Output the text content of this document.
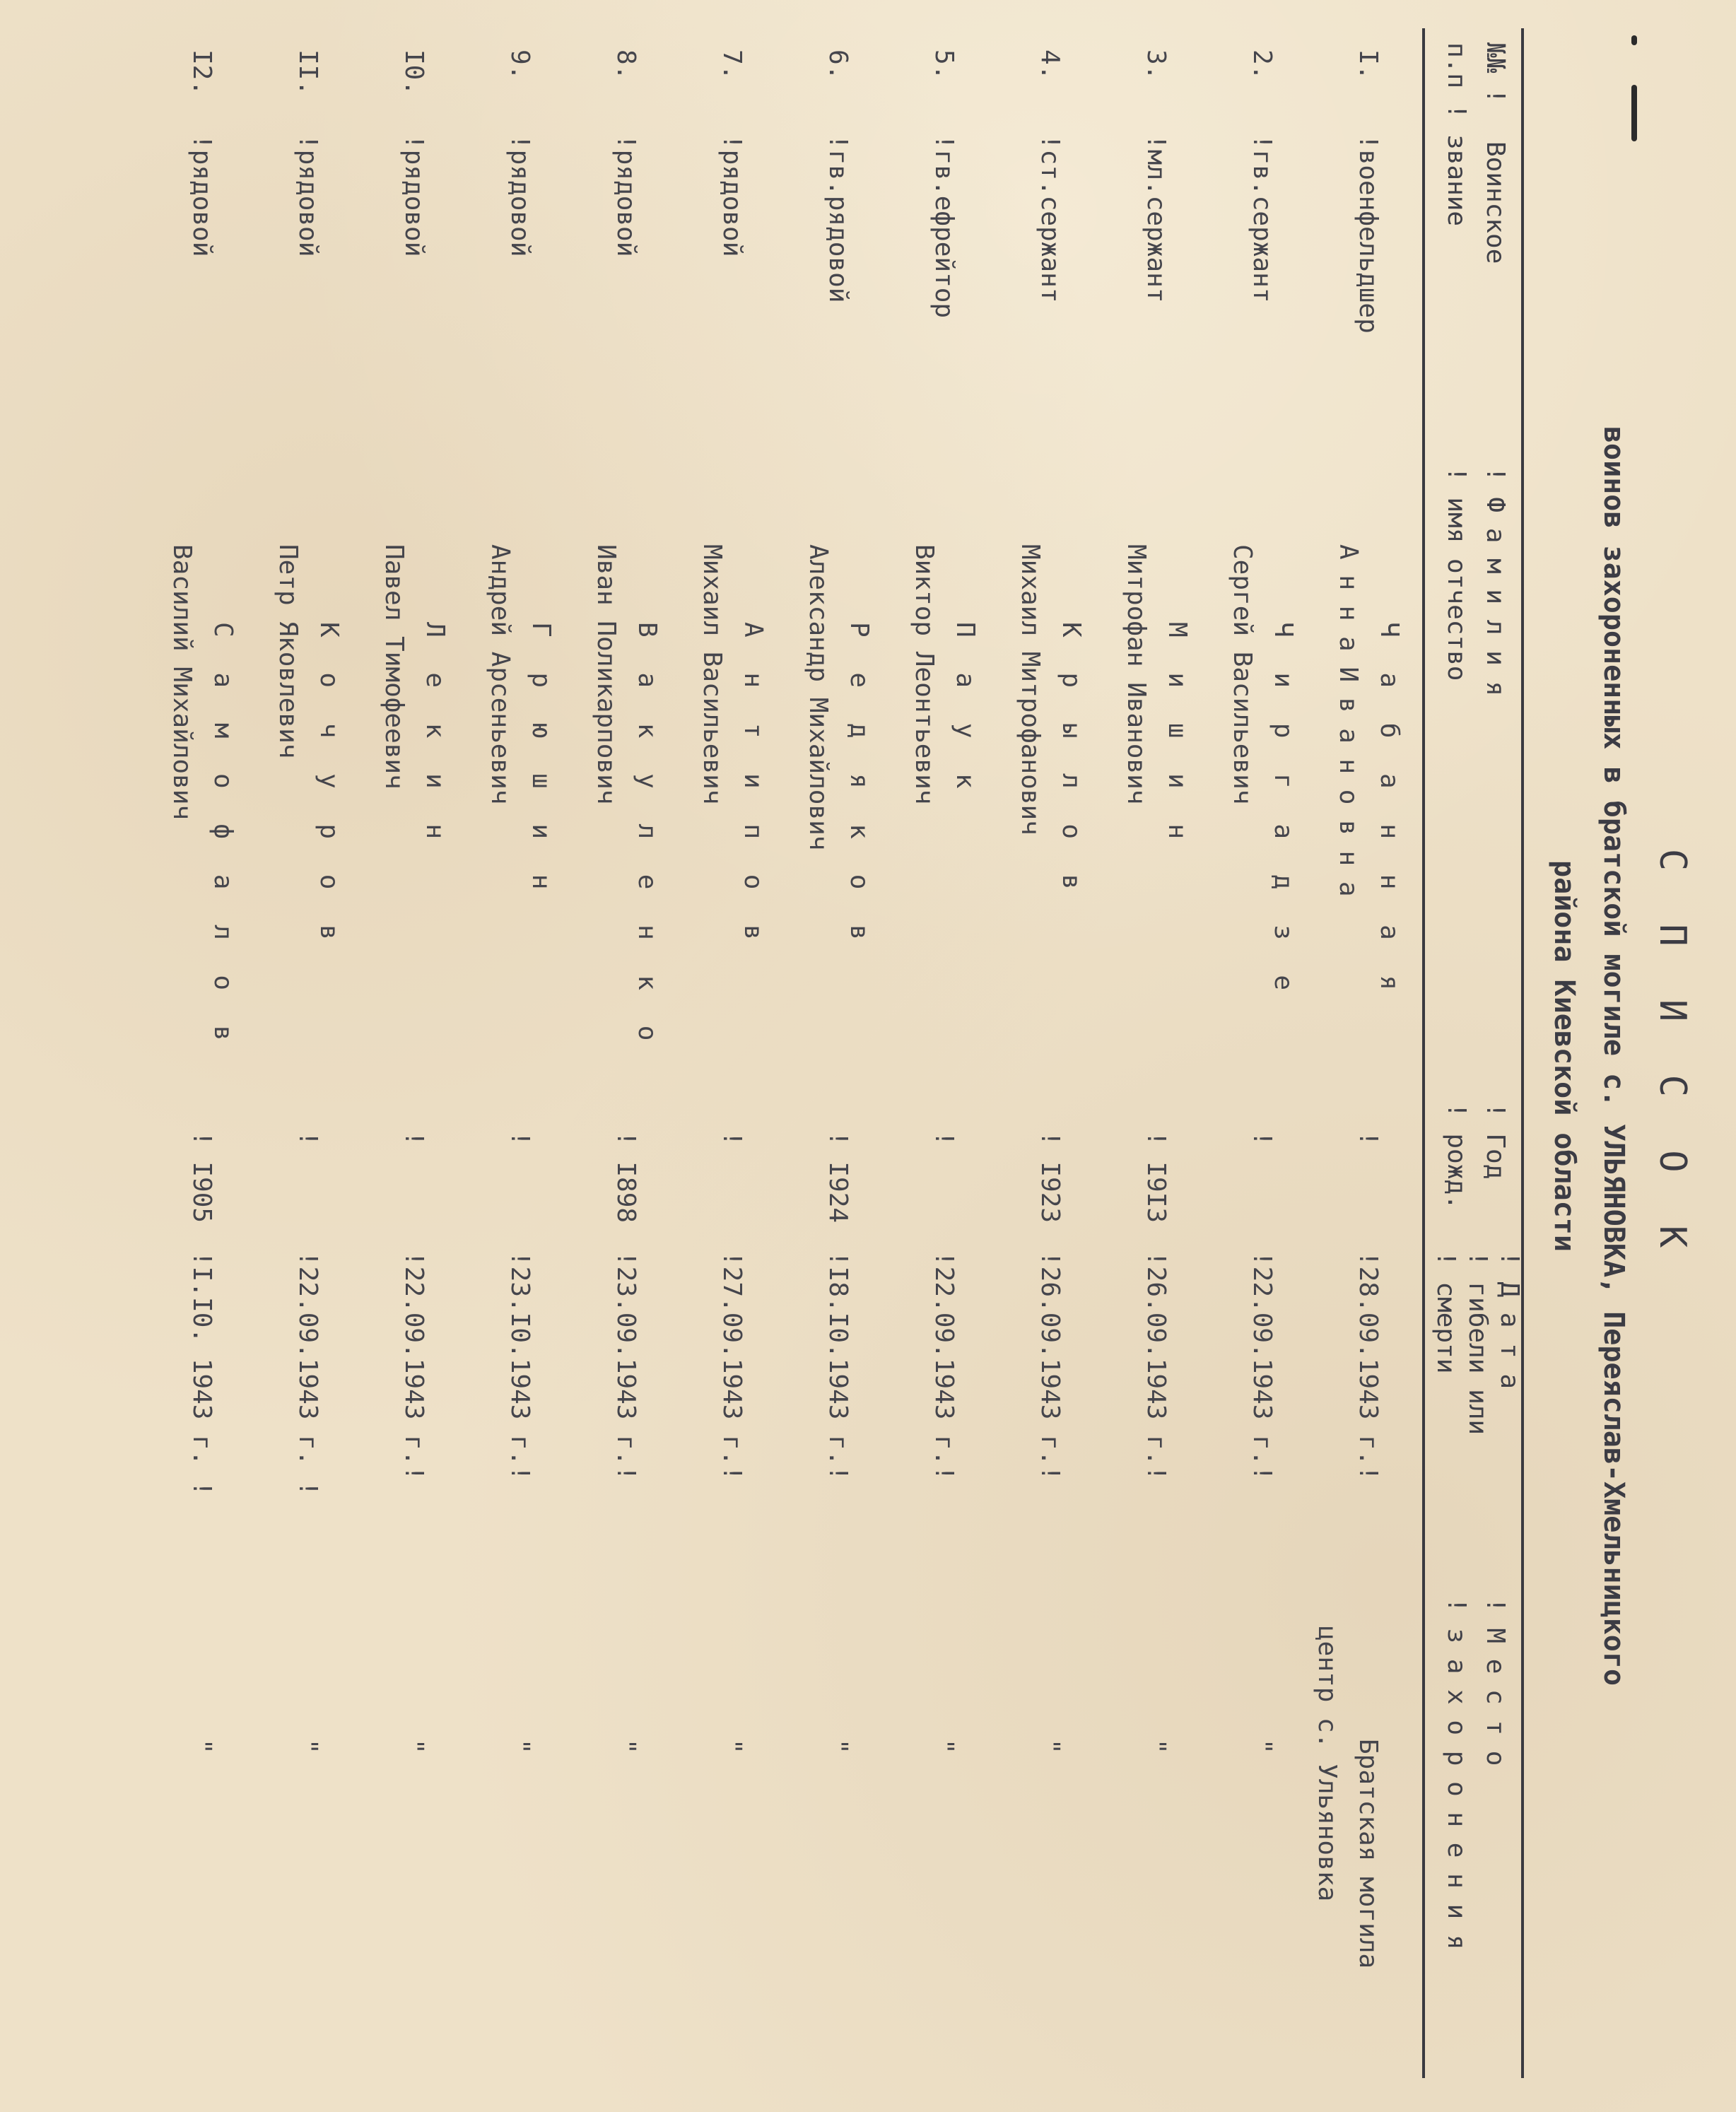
С П И С О К
воинов захороненных в братской могиле с. УЛЬЯНОВКА, Переяслав-Хмельницкого
района Киевской области
№№ !
п.п ! звание Воинское
! Ф а м и л и я
! имя отчество
! Год
! рожд.
! Д а т а
! гибели или
! смерти
! М е с т о
! з а х о р о н е н и я
I.
!военфельдшер
Ч а б а н н а я
А н н а И в а н о в н а
!
!28.09.1943 г.!
Братская могила
центр с. Ульяновка
2.
!гв.сержант
Ч и р г а д з е
Сергей Васильевич
!
!22.09.1943 г.!
"
3.
!мл.сержант
М и ш и н
Митрофан Иванович
! I9I3
!26.09.1943 г.!
"
4.
!ст.сержант
К р ы л о в
Михаил Митрофанович
! I923
!26.09.1943 г.!
"
5.
!гв.ефрейтор
П а у к
Виктор Леонтьевич
!
!22.09.1943 г.!
"
6.
!гв.рядовой
Р е д я к о в
Александр Михайлович
! I924
!I8.I0.1943 г.!
"
7.
!рядовой
А н т и п о в
Михаил Васильевич
!
!27.09.1943 г.!
"
8.
!рядовой
В а к у л е н к о
Иван Поликарпович
! I898
!23.09.1943 г.!
"
9.
!рядовой
Г р ю ш и н
Андрей Арсеньевич
!
!23.I0.1943 г.!
"
I0.
!рядовой
Л е к и н
Павел Тимофеевич
!
!22.09.1943 г.!
"
II.
!рядовой
К о ч у р о в
Петр Яковлевич
!
!22.09.1943 г. !
"
I2.
!рядовой
С а м о ф а л о в
Василий Михайлович
! I905
!I.I0. 1943 г. !
"
